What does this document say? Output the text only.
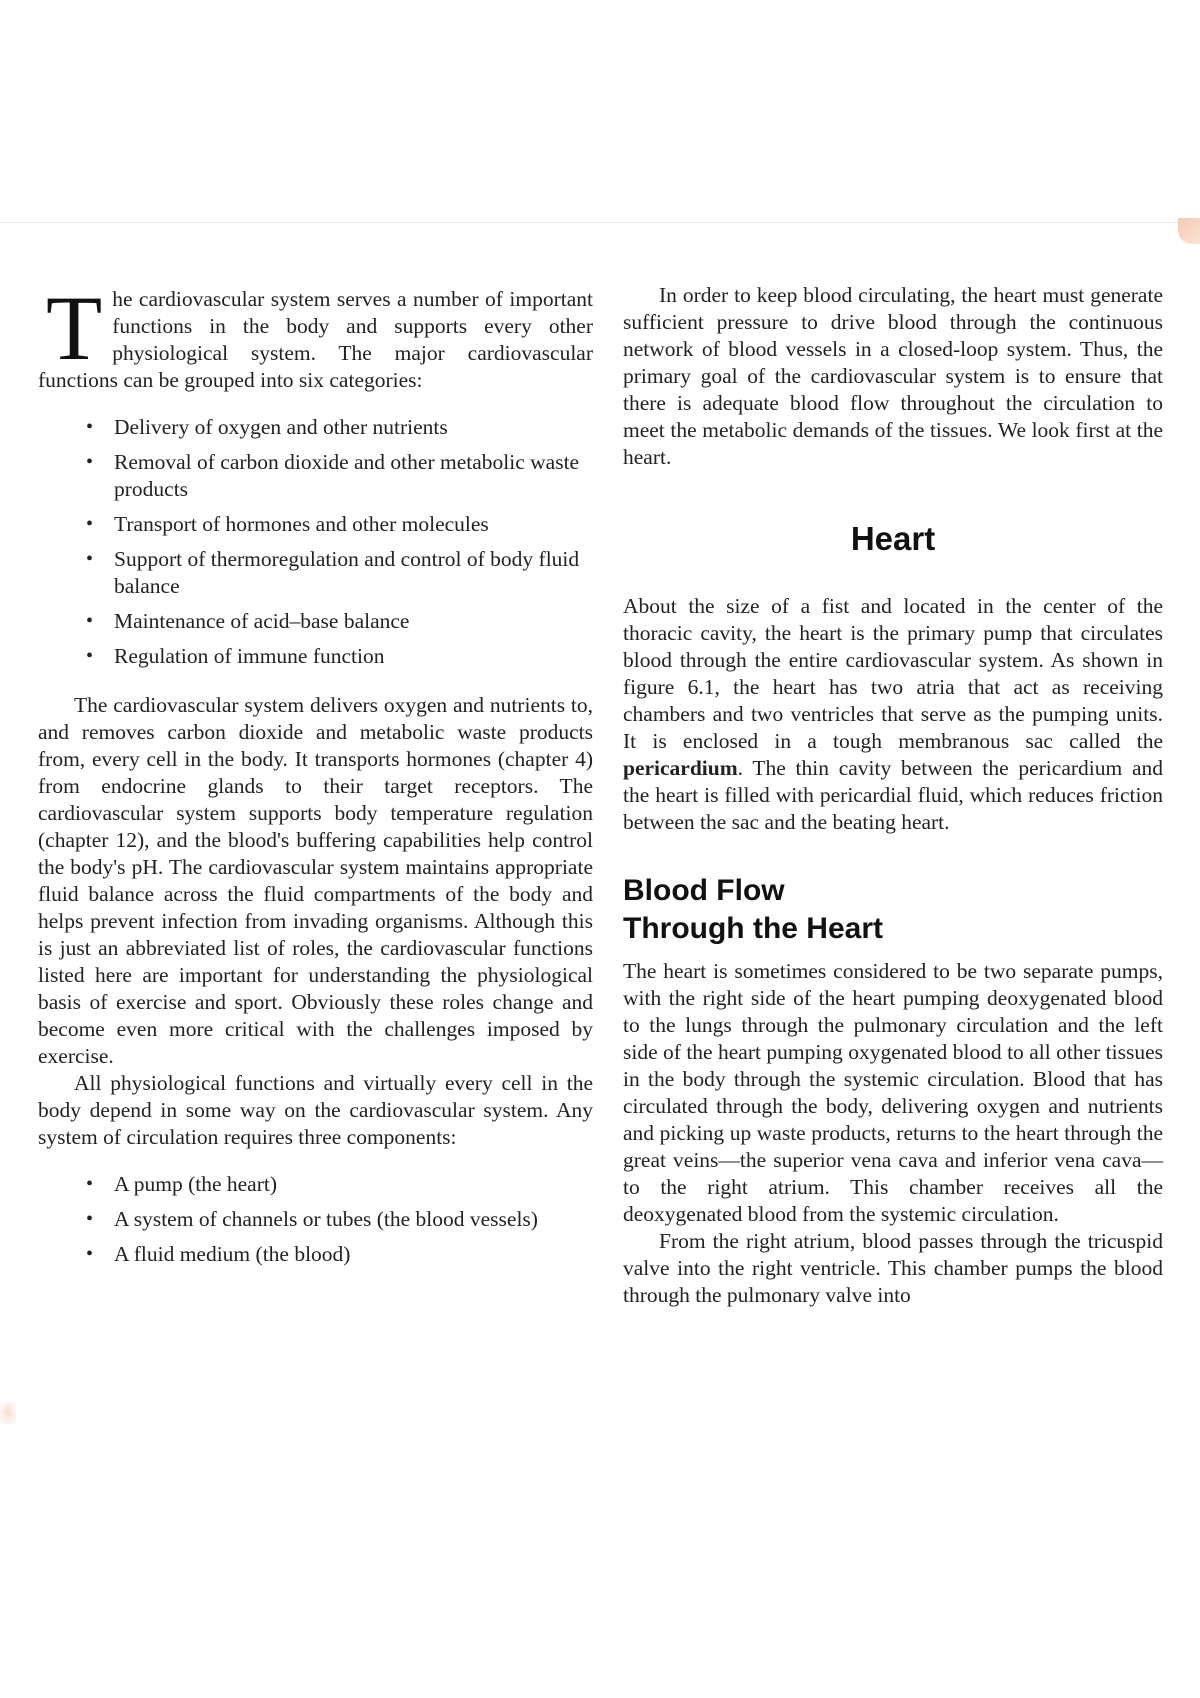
The cardiovascular system serves a number of important functions in the body and supports every other physiological system. The major cardiovascular functions can be grouped into six categories:

• Delivery of oxygen and other nutrients
• Removal of carbon dioxide and other metabolic waste products
• Transport of hormones and other molecules
• Support of thermoregulation and control of body fluid balance
• Maintenance of acid–base balance
• Regulation of immune function

The cardiovascular system delivers oxygen and nutrients to, and removes carbon dioxide and metabolic waste products from, every cell in the body. It transports hormones (chapter 4) from endocrine glands to their target receptors. The cardiovascular system supports body temperature regulation (chapter 12), and the blood's buffering capabilities help control the body's pH. The cardiovascular system maintains appropriate fluid balance across the fluid compartments of the body and helps prevent infection from invading organisms. Although this is just an abbreviated list of roles, the cardiovascular functions listed here are important for understanding the physiological basis of exercise and sport. Obviously these roles change and become even more critical with the challenges imposed by exercise.

All physiological functions and virtually every cell in the body depend in some way on the cardiovascular system. Any system of circulation requires three components:

• A pump (the heart)
• A system of channels or tubes (the blood vessels)
• A fluid medium (the blood)

In order to keep blood circulating, the heart must generate sufficient pressure to drive blood through the continuous network of blood vessels in a closed-loop system. Thus, the primary goal of the cardiovascular system is to ensure that there is adequate blood flow throughout the circulation to meet the metabolic demands of the tissues. We look first at the heart.

Heart

About the size of a fist and located in the center of the thoracic cavity, the heart is the primary pump that circulates blood through the entire cardiovascular system. As shown in figure 6.1, the heart has two atria that act as receiving chambers and two ventricles that serve as the pumping units. It is enclosed in a tough membranous sac called the pericardium. The thin cavity between the pericardium and the heart is filled with pericardial fluid, which reduces friction between the sac and the beating heart.

Blood Flow
Through the Heart

The heart is sometimes considered to be two separate pumps, with the right side of the heart pumping deoxygenated blood to the lungs through the pulmonary circulation and the left side of the heart pumping oxygenated blood to all other tissues in the body through the systemic circulation. Blood that has circulated through the body, delivering oxygen and nutrients and picking up waste products, returns to the heart through the great veins—the superior vena cava and inferior vena cava—to the right atrium. This chamber receives all the deoxygenated blood from the systemic circulation.

From the right atrium, blood passes through the tricuspid valve into the right ventricle. This chamber pumps the blood through the pulmonary valve into
